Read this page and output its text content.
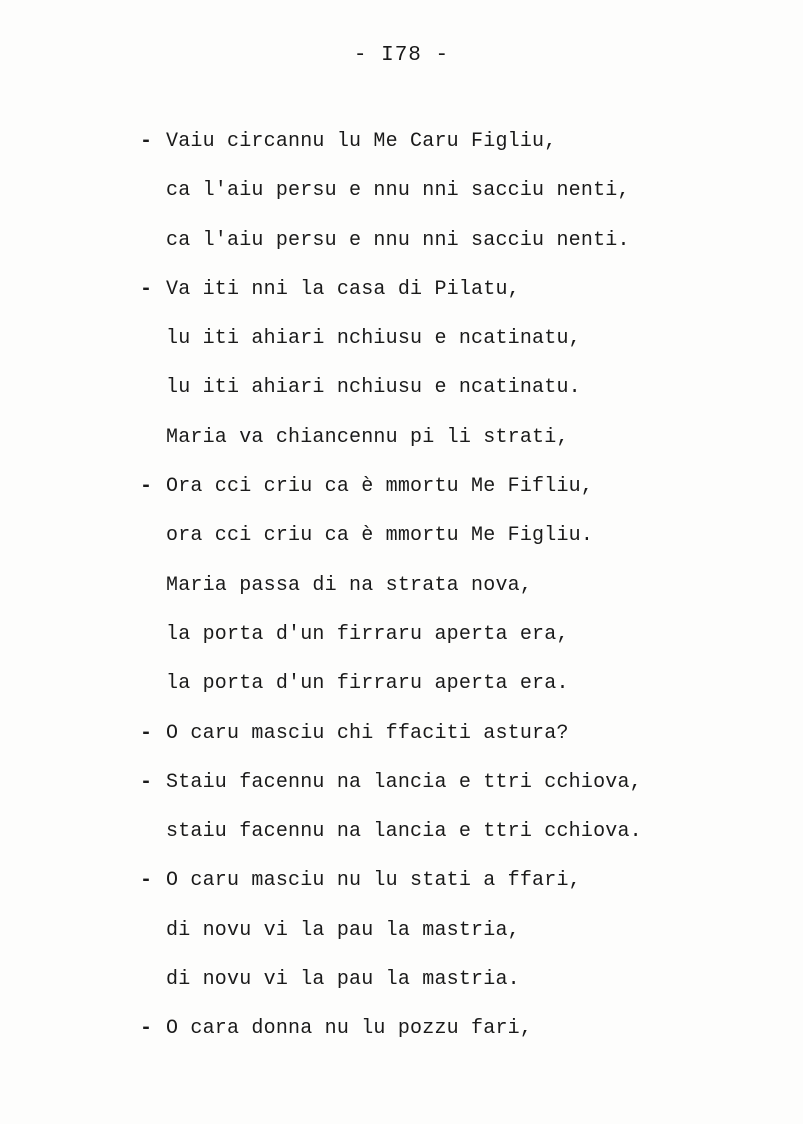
- I78 -
- Vaiu circannu lu Me Caru Figliu,
ca l'aiu persu e nnu nni sacciu nenti,
ca l'aiu persu e nnu nni sacciu nenti.
- Va iti nni la casa di Pilatu,
lu iti ahiari nchiusu e ncatinatu,
lu iti ahiari nchiusu e ncatinatu.
Maria va chiancennu pi li strati,
- Ora cci criu ca è mmortu Me Fifliu,
ora cci criu ca è mmortu Me Figliu.
Maria passa di na strata nova,
la porta d'un firraru aperta era,
la porta d'un firraru aperta era.
- O caru masciu chi ffaciti astura?
- Staiu facennu na lancia e ttri cchiova,
staiu facennu na lancia e ttri cchiova.
- O caru masciu nu lu stati a ffari,
di novu vi la pau la mastria,
di novu vi la pau la mastria.
- O cara donna nu lu pozzu fari,
